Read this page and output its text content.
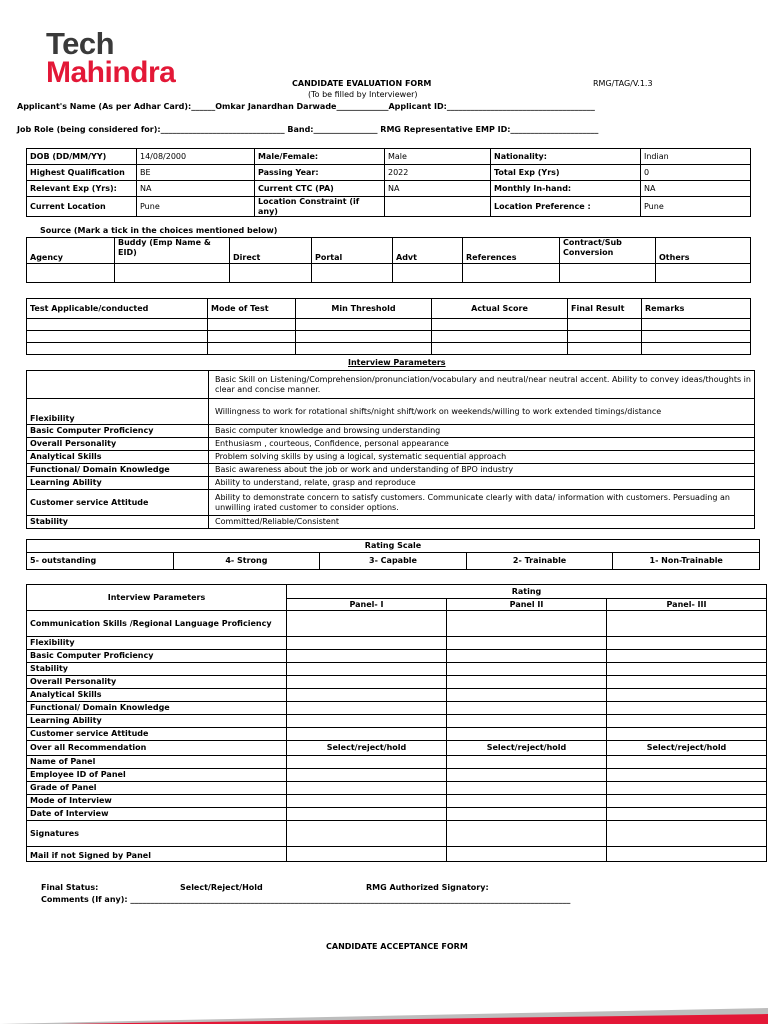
Tech
Mahindra	CANDIDATE EVALUATION FORM	RMG/TAG/V.1.3
(To be filled by Interviewer)
Applicant's Name (As per Adhar Card):______Omkar Janardhan Darwade_____________Applicant ID:_____________________________________
Job Role (being considered for):_______________________________ Band:________________ RMG Representative EMP ID:______________________
DOB (DD/MM/YY)	14/08/2000	Male/Female:	Male	Nationality:	Indian
Highest Qualification	BE	Passing Year:	2022	Total Exp (Yrs)	0
Relevant Exp (Yrs):	NA	Current CTC (PA)	NA	Monthly In-hand:	NA
Current Location	Pune	Location Constraint (if any)		Location Preference :	Pune
Source (Mark a tick in the choices mentioned below)
Agency	Buddy (Emp Name & EID)	Direct	Portal	Advt	References	Contract/Sub Conversion	Others

Test Applicable/conducted	Mode of Test	Min Threshold	Actual Score	Final Result	Remarks

Interview Parameters
	Basic Skill on Listening/Comprehension/pronunciation/vocabulary and neutral/near neutral accent. Ability to convey ideas/thoughts in clear and concise manner.
Flexibility	Willingness to work for rotational shifts/night shift/work on weekends/willing to work extended timings/distance
Basic Computer Proficiency	Basic computer knowledge and browsing understanding
Overall Personality	Enthusiasm , courteous, Confidence, personal appearance
Analytical Skills	Problem solving skills by using a logical, systematic sequential approach
Functional/ Domain Knowledge	Basic awareness about the job or work and understanding of BPO industry
Learning Ability	Ability to understand, relate, grasp and reproduce
Customer service Attitude	Ability to demonstrate concern to satisfy customers. Communicate clearly with data/ information with customers. Persuading an unwilling irated customer to consider options.
Stability	Committed/Reliable/Consistent
Rating Scale
5- outstanding	4- Strong	3- Capable	2- Trainable	1- Non-Trainable
Interview Parameters	Rating		
	Panel- I	Panel II	Panel- III
Communication Skills /Regional Language Proficiency			
Flexibility			
Basic Computer Proficiency			
Stability			
Overall Personality			
Analytical Skills			
Functional/ Domain Knowledge			
Learning Ability			
Customer service Attitude			
Over all Recommendation	Select/reject/hold	Select/reject/hold	Select/reject/hold
Name of Panel			
Employee ID of Panel			
Grade of Panel			
Mode of Interview			
Date of Interview			
Signatures			
Mail if not Signed by Panel			
Final Status:	Select/Reject/Hold	RMG Authorized Signatory:
Comments (If any): ______________________________________________________________________________________________________________
CANDIDATE ACCEPTANCE FORM
